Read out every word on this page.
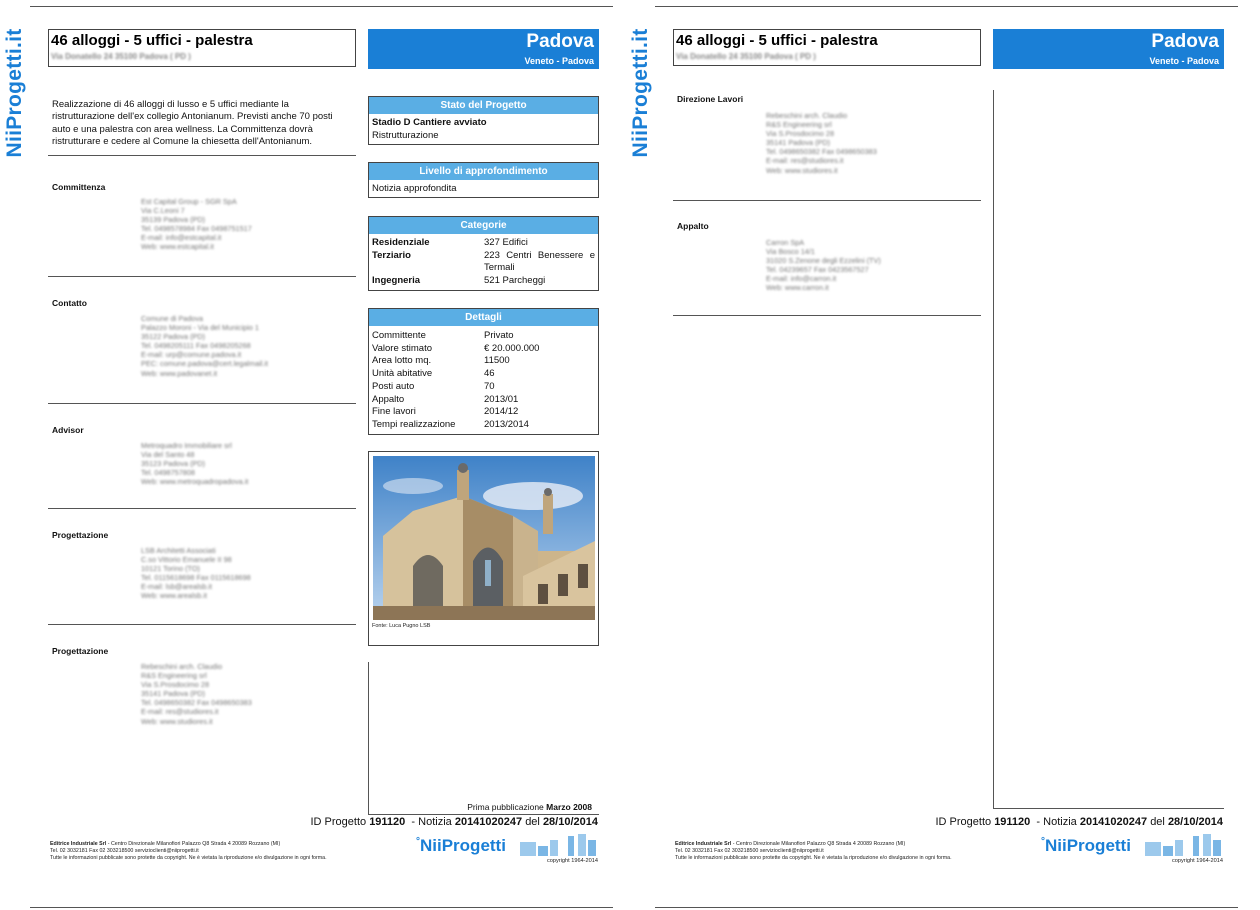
NiiProgetti.it 46 alloggi - 5 uffici - palestra
Via Donatello 24 35100 Padova ( PD )
Padova
Veneto - Padova
Realizzazione di 46 alloggi di lusso e 5 uffici mediante la ristrutturazione dell'ex collegio Antonianum. Previsti anche 70 posti auto e una palestra con area wellness. La Committenza dovrà ristrutturare e cedere al Comune la chiesetta dell'Antonianum.
Committenza
Est Capital Group - SGR SpA
Via C.Leoni 7
35139 Padova (PD)
Tel. 0498578984 Fax 0498751517
E-mail: info@estcapital.it
Web: www.estcapital.it
Contatto
Comune di Padova
Palazzo Moroni - Via del Municipio 1
35122 Padova (PD)
Tel. 0498205111 Fax 0498205268
E-mail: urp@comune.padova.it
PEC: comune.padova@cert.legalmail.it
Web: www.padovanet.it
Advisor
Metroquadro Immobiliare srl
Via del Santo 48
35123 Padova (PD)
Tel. 0498757808
Web: www.metroquadropadova.it
Progettazione
LSB Architetti Associati
C.so Vittorio Emanuele II 98
10121 Torino (TO)
Tel. 0115618698 Fax 0115618698
E-mail: lsb@arealsb.it
Web: www.arealsb.it
Progettazione
Rebeschini arch. Claudio
R&S Engineering srl
Via S.Prosdocimo 28
35141 Padova (PD)
Tel. 0498650382 Fax 0498650383
E-mail: res@studiores.it
Web: www.studiores.it
Stato del Progetto
Stadio D Cantiere avviato
Ristrutturazione
Livello di approfondimento
Notizia approfondita
Categorie
Residenziale	327 Edifici
Terziario	223 Centri Benessere e Termali
Ingegneria	521 Parcheggi
Dettagli
Committente	Privato
Valore stimato	€ 20.000.000
Area lotto mq.	11500
Unità abitative	46
Posti auto	70
Appalto	2013/01
Fine lavori	2014/12
Tempi realizzazione	2013/2014
Fonte: Luca Pugno LSB
Prima pubblicazione Marzo 2008
ID Progetto 191120 - Notizia 20141020247 del 28/10/2014
Editrice Industriale Srl - Centro Direzionale Milanofiori Palazzo Q8 Strada 4 20089 Rozzano (MI)
Tel. 02 3032181 Fax 02 303218500 servizioclienti@niiprogetti.it
Tutte le informazioni pubblicate sono protette da copyright. Ne è vietata la riproduzione e/o divulgazione in ogni forma.
°NiiProgetti
copyright 1964-2014
NiiProgetti.it 46 alloggi - 5 uffici - palestra
Via Donatello 24 35100 Padova ( PD )
Padova
Veneto - Padova
Direzione Lavori
Rebeschini arch. Claudio
R&S Engineering srl
Via S.Prosdocimo 28
35141 Padova (PD)
Tel. 0498650382 Fax 0498650383
E-mail: res@studiores.it
Web: www.studiores.it
Appalto
Carron SpA
Via Bosco 14/1
31020 S.Zenone degli Ezzelini (TV)
Tel. 04239657 Fax 0423567527
E-mail: info@carron.it
Web: www.carron.it
ID Progetto 191120 - Notizia 20141020247 del 28/10/2014
Editrice Industriale Srl - Centro Direzionale Milanofiori Palazzo Q8 Strada 4 20089 Rozzano (MI)
Tel. 02 3032181 Fax 02 303218500 servizioclienti@niiprogetti.it
Tutte le informazioni pubblicate sono protette da copyright. Ne è vietata la riproduzione e/o divulgazione in ogni forma.
°NiiProgetti
copyright 1964-2014
